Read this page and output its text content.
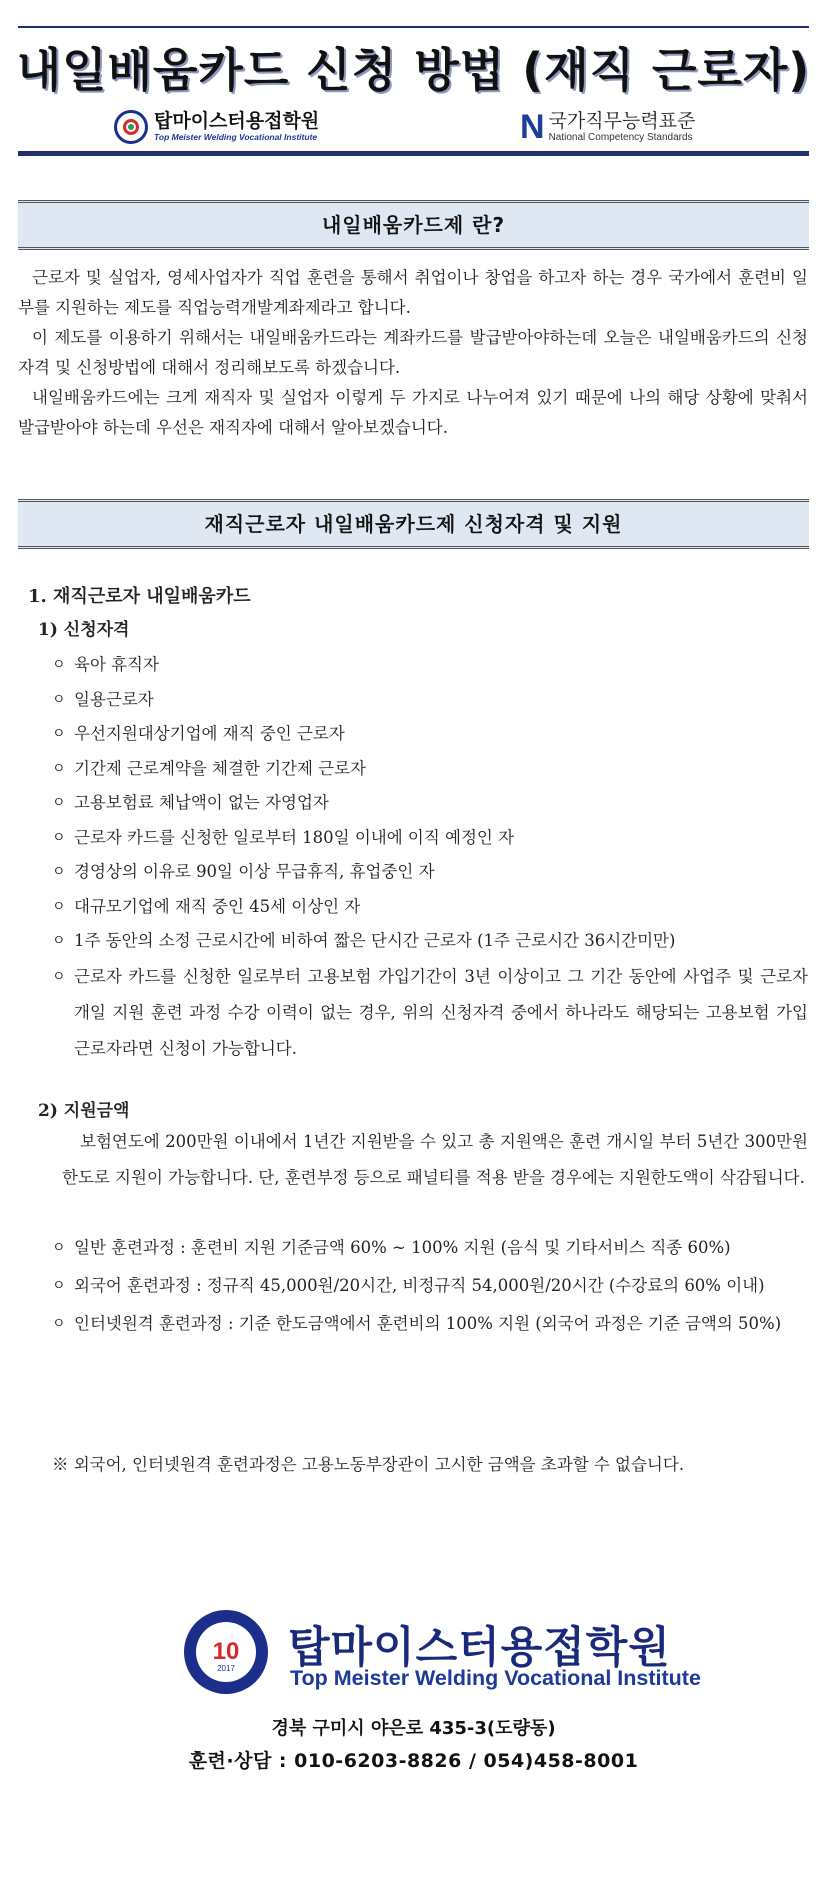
내일배움카드 신청 방법 (재직 근로자)
탑마이스터용접학원
Top Meister Welding Vocational Institute	N 국가직무능력표준
National Competency Standards
내일배움카드제 란?

근로자 및 실업자, 영세사업자가 직업 훈련을 통해서 취업이나 창업을 하고자 하는 경우 국가에서 훈련비 일부를 지원하는 제도를 직업능력개발계좌제라고 합니다.

이 제도를 이용하기 위해서는 내일배움카드라는 계좌카드를 발급받아야하는데 오늘은 내일배움카드의 신청자격 및 신청방법에 대해서 정리해보도록 하겠습니다.

내일배움카드에는 크게 재직자 및 실업자 이렇게 두 가지로 나누어져 있기 때문에 나의 해당 상황에 맞춰서 발급받아야 하는데 우선은 재직자에 대해서 알아보겠습니다.

재직근로자 내일배움카드제 신청자격 및 지원
1. 재직근로자 내일배움카드
1) 신청자격
ㅇ 육아 휴직자
ㅇ 일용근로자
ㅇ 우선지원대상기업에 재직 중인 근로자
ㅇ 기간제 근로계약을 체결한 기간제 근로자
ㅇ 고용보험료 체납액이 없는 자영업자
ㅇ 근로자 카드를 신청한 일로부터 180일 이내에 이직 예정인 자
ㅇ 경영상의 이유로 90일 이상 무급휴직, 휴업중인 자
ㅇ 대규모기업에 재직 중인 45세 이상인 자
ㅇ 1주 동안의 소정 근로시간에 비하여 짧은 단시간 근로자 (1주 근로시간 36시간미만)
ㅇ 근로자 카드를 신청한 일로부터 고용보험 가입기간이 3년 이상이고 그 기간 동안에 사업주 및 근로자 개일 지원 훈련 과정 수강 이력이 없는 경우, 위의 신청자격 중에서 하나라도 해당되는 고용보험 가입 근로자라면 신청이 가능합니다.
2) 지원금액
보험연도에 200만원 이내에서 1년간 지원받을 수 있고 총 지원액은 훈련 개시일 부터 5년간 300만원 한도로 지원이 가능합니다. 단, 훈련부정 등으로 패널티를 적용 받을 경우에는 지원한도액이 삭감됩니다.
ㅇ 일반 훈련과정 : 훈련비 지원 기준금액 60% ~ 100% 지원 (음식 및 기타서비스 직종 60%)
ㅇ 외국어 훈련과정 : 정규직 45,000원/20시간, 비정규직 54,000원/20시간 (수강료의 60% 이내)
ㅇ 인터넷원격 훈련과정 : 기준 한도금액에서 훈련비의 100% 지원 (외국어 과정은 기준 금액의 50%)
※ 외국어, 인터넷원격 훈련과정은 고용노동부장관이 고시한 금액을 초과할 수 없습니다.
10
2017	탑마이스터용접학원
Top Meister Welding Vocational Institute
경북 구미시 야은로 435-3(도량동)
훈련·상담 : 010-6203-8826 / 054)458-8001
